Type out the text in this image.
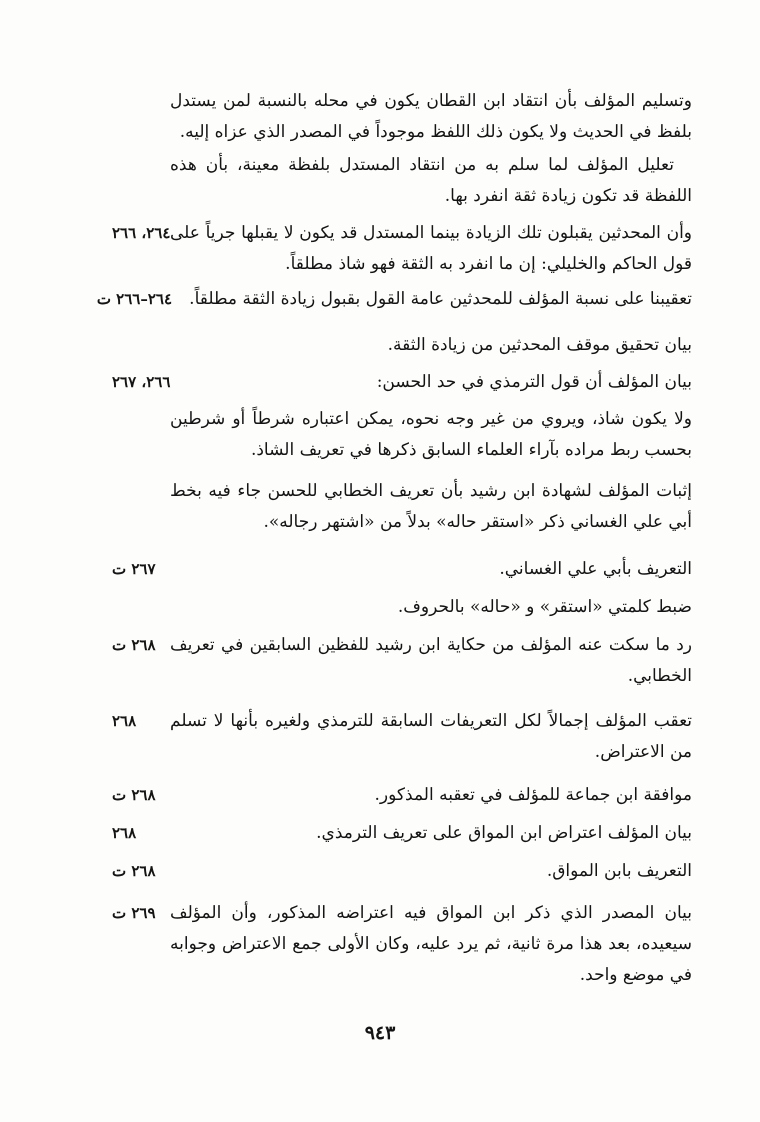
وتسليم المؤلف بأن انتقاد ابن القطان يكون في محله بالنسبة لمن يستدل بلفظ في الحديث ولا يكون ذلك اللفظ موجوداً في المصدر الذي عزاه إليه.
تعليل المؤلف لما سلم به من انتقاد المستدل بلفظة معينة، بأن هذه اللفظة قد تكون زيادة ثقة انفرد بها.
وأن المحدثين يقبلون تلك الزيادة بينما المستدل قد يكون لا يقبلها جرياً على قول الحاكم والخليلي: إن ما انفرد به الثقة فهو شاذ مطلقاً.
٢٦٤، ٢٦٦
تعقيبنا على نسبة المؤلف للمحدثين عامة القول بقبول زيادة الثقة مطلقاً.
٢٦٤–٢٦٦ ت
بيان تحقيق موقف المحدثين من زيادة الثقة.
بيان المؤلف أن قول الترمذي في حد الحسن:
٢٦٦، ٢٦٧
ولا يكون شاذ، ويروي من غير وجه نحوه، يمكن اعتباره شرطاً أو شرطين بحسب ربط مراده بآراء العلماء السابق ذكرها في تعريف الشاذ.
إثبات المؤلف لشهادة ابن رشيد بأن تعريف الخطابي للحسن جاء فيه بخط أبي علي الغساني ذكر «استقر حاله» بدلاً من «اشتهر رجاله».
التعريف بأبي علي الغساني.
٢٦٧ ت
ضبط كلمتي «استقر» و «حاله» بالحروف.
رد ما سكت عنه المؤلف من حكاية ابن رشيد للفظين السابقين في تعريف الخطابي.
٢٦٨ ت
تعقب المؤلف إجمالاً لكل التعريفات السابقة للترمذي ولغيره بأنها لا تسلم من الاعتراض.
٢٦٨
موافقة ابن جماعة للمؤلف في تعقبه المذكور.
٢٦٨ ت
بيان المؤلف اعتراض ابن المواق على تعريف الترمذي.
٢٦٨
التعريف بابن المواق.
٢٦٨ ت
بيان المصدر الذي ذكر ابن المواق فيه اعتراضه المذكور، وأن المؤلف سيعيده، بعد هذا مرة ثانية، ثم يرد عليه، وكان الأولى جمع الاعتراض وجوابه في موضع واحد.
٢٦٩ ت
٩٤٣
